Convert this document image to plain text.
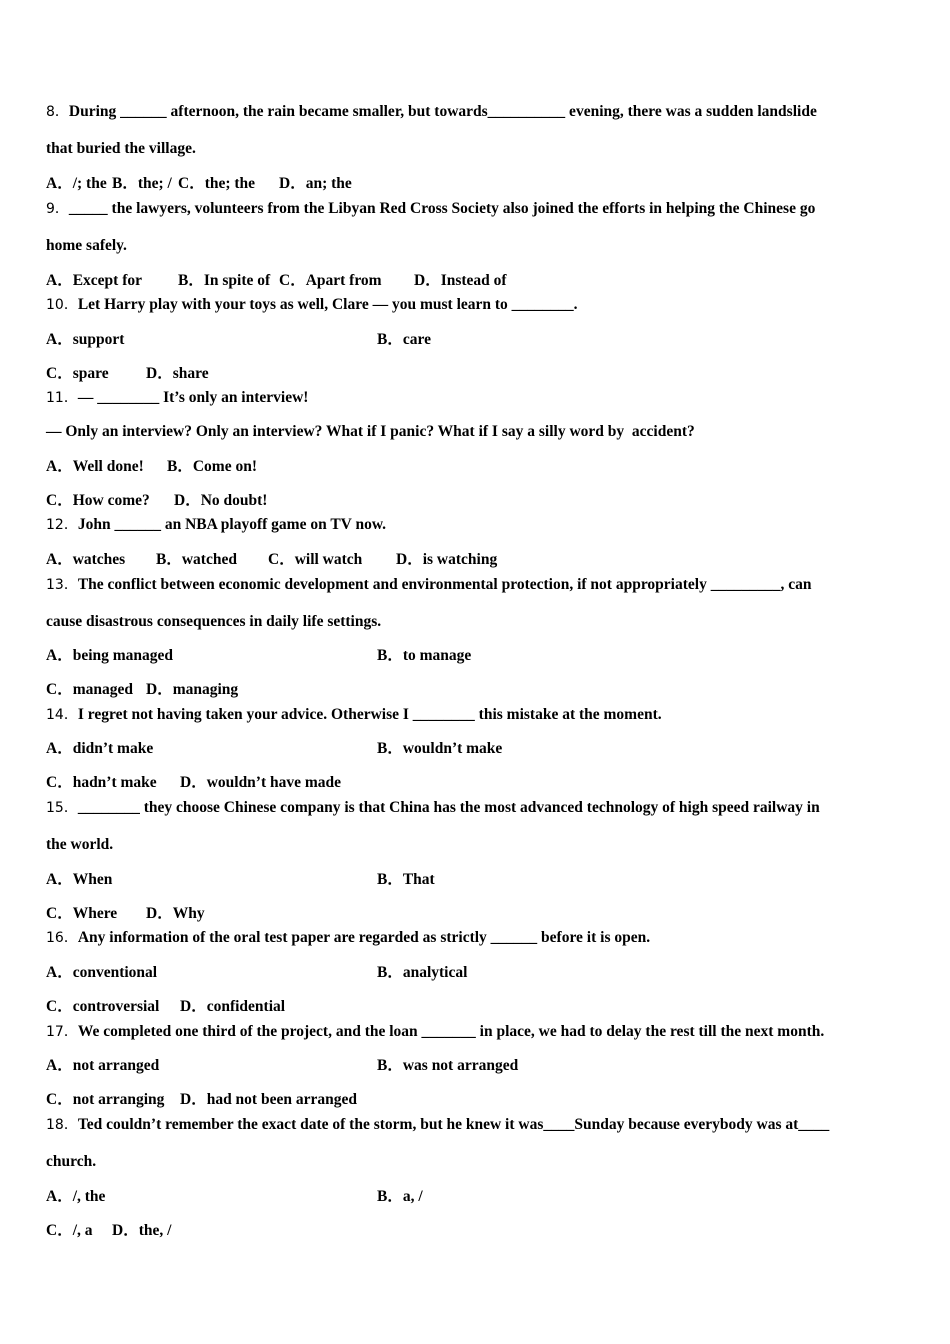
8．During ______ afternoon, the rain became smaller, but towards__________ evening, there was a sudden landslide

that buried the village.

A．/; the B．the; / C．the; the D．an; the

9．_____ the lawyers, volunteers from the Libyan Red Cross Society also joined the efforts in helping the Chinese go

home safely.

A．Except for B．In spite of C．Apart from D．Instead of

10．Let Harry play with your toys as well, Clare — you must learn to ________.

A．support	B．care
C．spare D．share

11．— ________ It’s only an interview!

— Only an interview? Only an interview? What if I panic? What if I say a silly word by  accident?

A．Well done! B．Come on!
C．How come? D．No doubt!

12．John ______ an NBA playoff game on TV now.

A．watches B．watched C．will watch D．is watching

13．The conflict between economic development and environmental protection, if not appropriately _________, can

cause disastrous consequences in daily life settings.

A．being managed	B．to manage
C．managed D．managing

14．I regret not having taken your advice. Otherwise I ________ this mistake at the moment.

A．didn’t make	B．wouldn’t make
C．hadn’t make D．wouldn’t have made

15．________ they choose Chinese company is that China has the most advanced technology of high speed railway in

the world.

A．When	B．That
C．Where D．Why

16．Any information of the oral test paper are regarded as strictly ______ before it is open.

A．conventional	B．analytical
C．controversial D．confidential

17．We completed one third of the project, and the loan _______ in place, we had to delay the rest till the next month.

A．not arranged	B．was not arranged
C．not arranging D．had not been arranged

18．Ted couldn’t remember the exact date of the storm, but he knew it was____Sunday because everybody was at____

church.

A．/, the	B．a, /
C．/, a D．the, /
